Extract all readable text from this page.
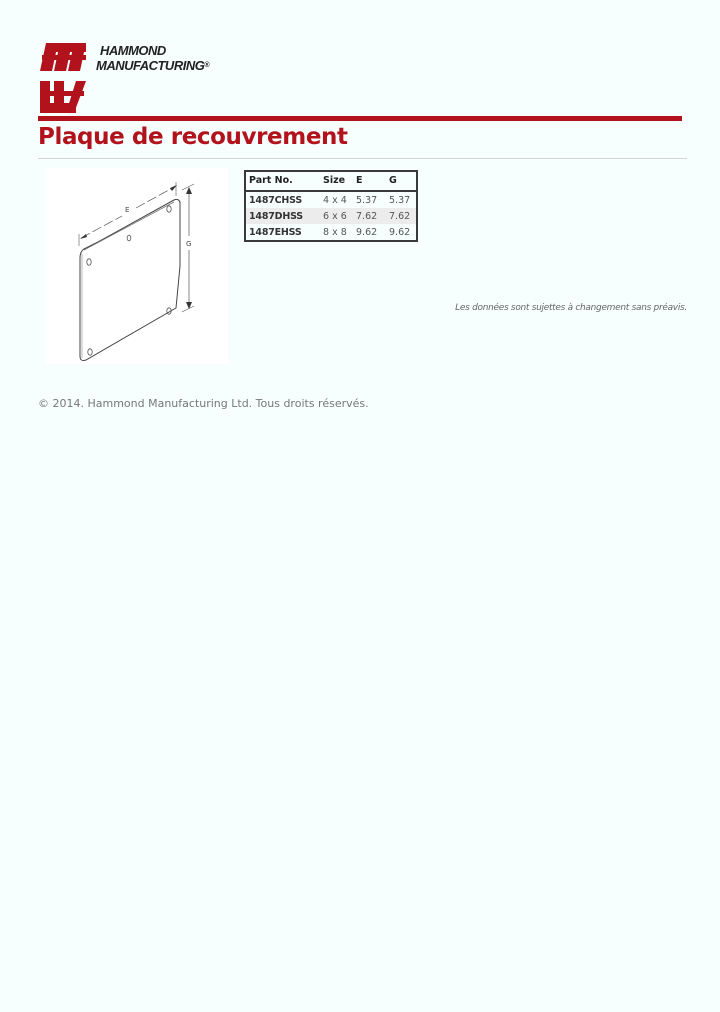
HAMMOND
MANUFACTURING®
Plaque de recouvrement
E
G
Part No.	Size	E	G
1487CHSS	4 x 4	5.37	5.37
1487DHSS	6 x 6	7.62	7.62
1487EHSS	8 x 8	9.62	9.62
Les données sont sujettes à changement sans préavis.
© 2014. Hammond Manufacturing Ltd. Tous droits réservés.
